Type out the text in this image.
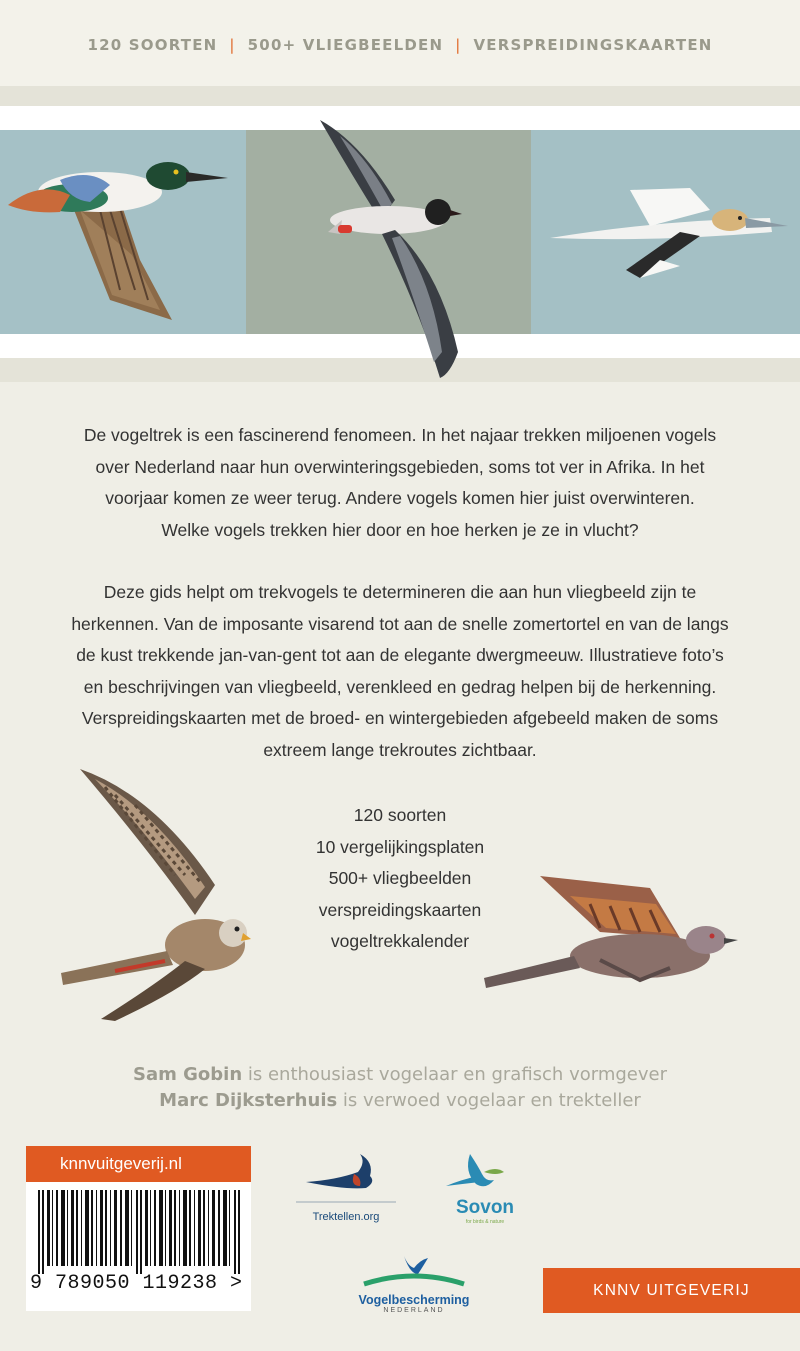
120 SOORTEN | 500+ VLIEGBEELDEN | VERSPREIDINGSKAARTEN
De vogeltrek is een fascinerend fenomeen. In het najaar trekken miljoenen vogels
over Nederland naar hun overwinteringsgebieden, soms tot ver in Afrika. In het
voorjaar komen ze weer terug. Andere vogels komen hier juist overwinteren.
Welke vogels trekken hier door en hoe herken je ze in vlucht?
Deze gids helpt om trekvogels te determineren die aan hun vliegbeeld zijn te
herkennen. Van de imposante visarend tot aan de snelle zomertortel en van de langs
de kust trekkende jan-van-gent tot aan de elegante dwergmeeuw. Illustratieve foto’s
en beschrijvingen van vliegbeeld, verenkleed en gedrag helpen bij de herkenning.
Verspreidingskaarten met de broed- en wintergebieden afgebeeld maken de soms
extreem lange trekroutes zichtbaar.
120 soorten
10 vergelijkingsplaten
500+ vliegbeelden
verspreidingskaarten
vogeltrekkalender
Sam Gobin is enthousiast vogelaar en grafisch vormgever
Marc Dijksterhuis is verwoed vogelaar en trekteller
knnvuitgeverij.nl
9 789050 119238 >
Trektellen.org	Sovon
for birds & nature
Vogelbescherming
NEDERLAND
KNNV UITGEVERIJ
